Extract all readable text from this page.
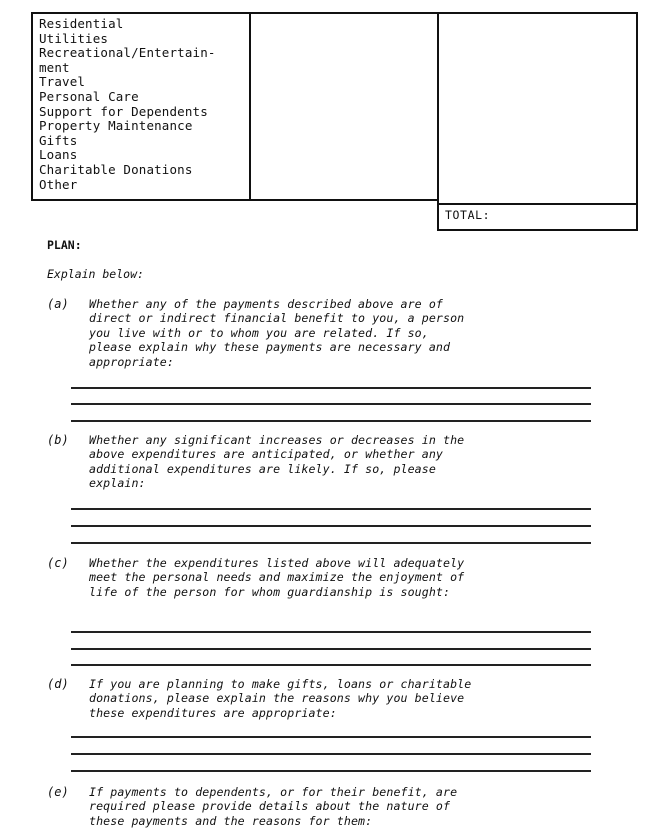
Residential
Utilities
Recreational/Entertain-
ment
Travel
Personal Care
Support for Dependents
Property Maintenance
Gifts
Loans
Charitable Donations
Other
TOTAL:
PLAN:
Explain below:
(a) Whether any of the payments described above are of
direct or indirect financial benefit to you, a person
you live with or to whom you are related. If so,
please explain why these payments are necessary and
appropriate:
(b) Whether any significant increases or decreases in the
above expenditures are anticipated, or whether any
additional expenditures are likely. If so, please
explain:
(c) Whether the expenditures listed above will adequately
meet the personal needs and maximize the enjoyment of
life of the person for whom guardianship is sought:
(d) If you are planning to make gifts, loans or charitable
donations, please explain the reasons why you believe
these expenditures are appropriate:
(e) If payments to dependents, or for their benefit, are
required please provide details about the nature of
these payments and the reasons for them:
